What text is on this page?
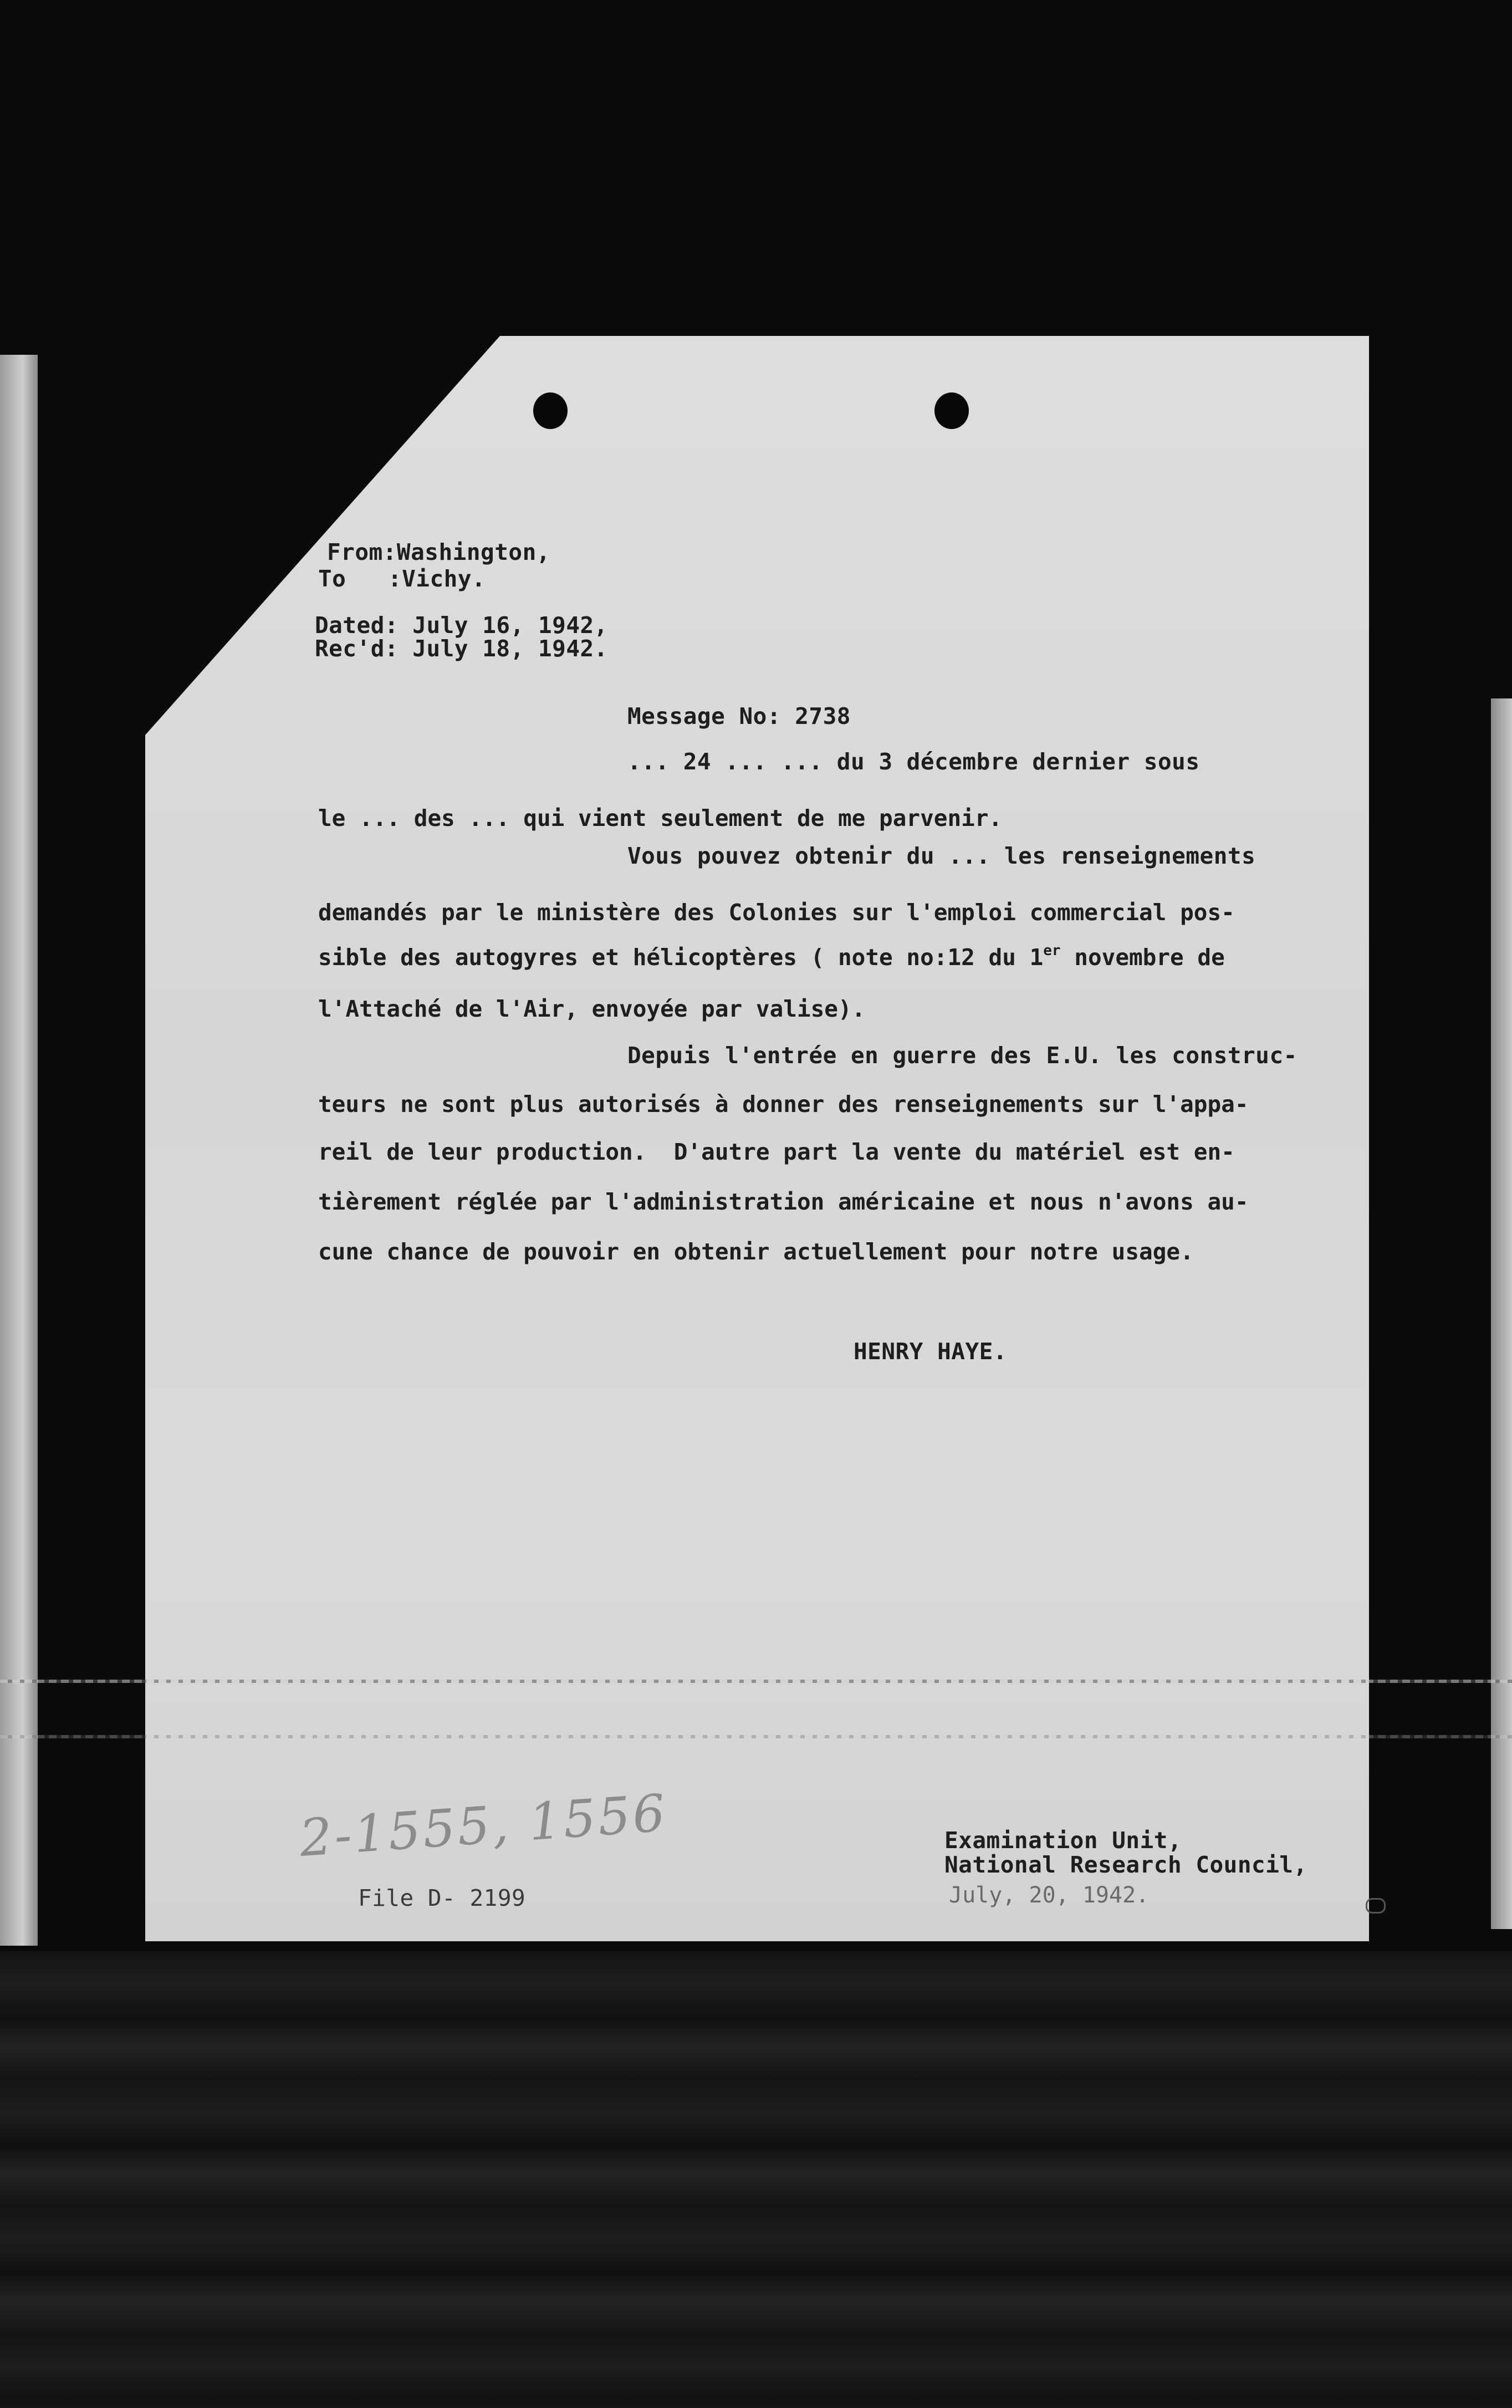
From:Washington,
To   :Vichy.
Dated: July 16, 1942,
Rec'd: July 18, 1942.
Message No: 2738
... 24 ... ... du 3 décembre dernier sous
le ... des ... qui vient seulement de me parvenir.
Vous pouvez obtenir du ... les renseignements
demandés par le ministère des Colonies sur l'emploi commercial pos-
sible des autogyres et hélicoptères ( note no:12 du 1er novembre de
l'Attaché de l'Air, envoyée par valise).
Depuis l'entrée en guerre des E.U. les construc-
teurs ne sont plus autorisés à donner des renseignements sur l'appa-
reil de leur production.  D'autre part la vente du matériel est en-
tièrement réglée par l'administration américaine et nous n'avons au-
cune chance de pouvoir en obtenir actuellement pour notre usage.
HENRY HAYE.
2-1555, 1556
File D- 2199
Examination Unit,
National Research Council,
July, 20, 1942.
